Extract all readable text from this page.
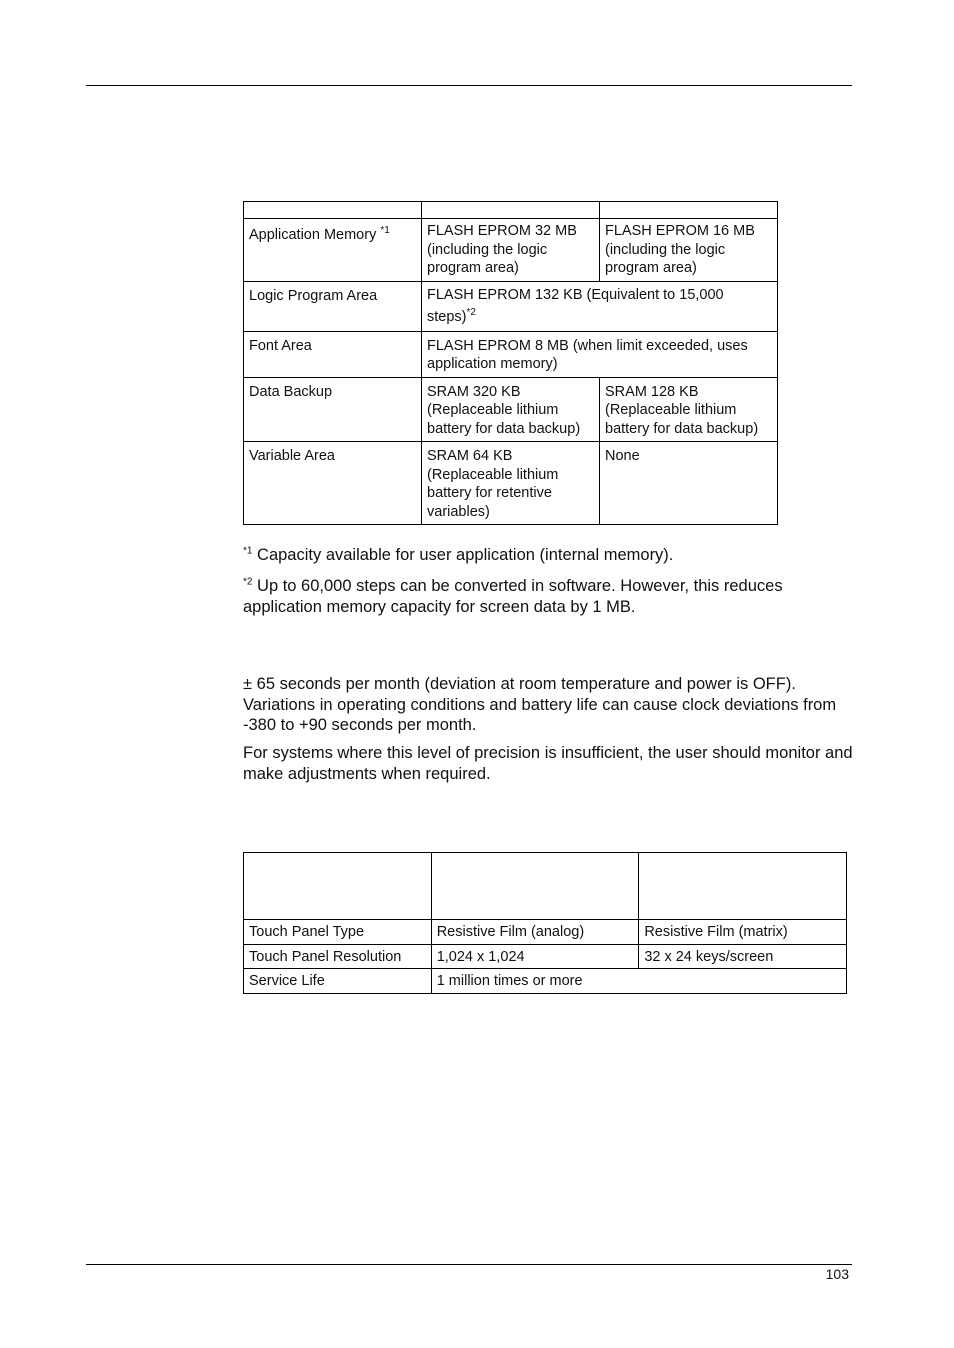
Application Memory $^{*1}$	FLASH EPROM 32 MB (including the logic program area)	FLASH EPROM 16 MB (including the logic program area)
Logic Program Area	FLASH EPROM 132 KB (Equivalent to 15,000 steps)$^{*2}$
Font Area	FLASH EPROM 8 MB (when limit exceeded, uses application memory)	
Data Backup	SRAM 320 KB (Replaceable lithium battery for data backup)	SRAM 128 KB (Replaceable lithium battery for data backup)
Variable Area	SRAM 64 KB (Replaceable lithium battery for retentive variables)	None

$^{*1}$ Capacity available for user application (internal memory).

$^{*2}$ Up to 60,000 steps can be converted in software. However, this reduces application memory capacity for screen data by 1 MB.

± 65 seconds per month (deviation at room temperature and power is OFF). Variations in operating conditions and battery life can cause clock deviations from -380 to +90 seconds per month.

For systems where this level of precision is insufficient, the user should monitor and make adjustments when required.

Touch Panel Type	Resistive Film (analog)	Resistive Film (matrix)
Touch Panel Resolution	1,024 x 1,024	32 x 24 keys/screen
Service Life	1 million times or more	
103
